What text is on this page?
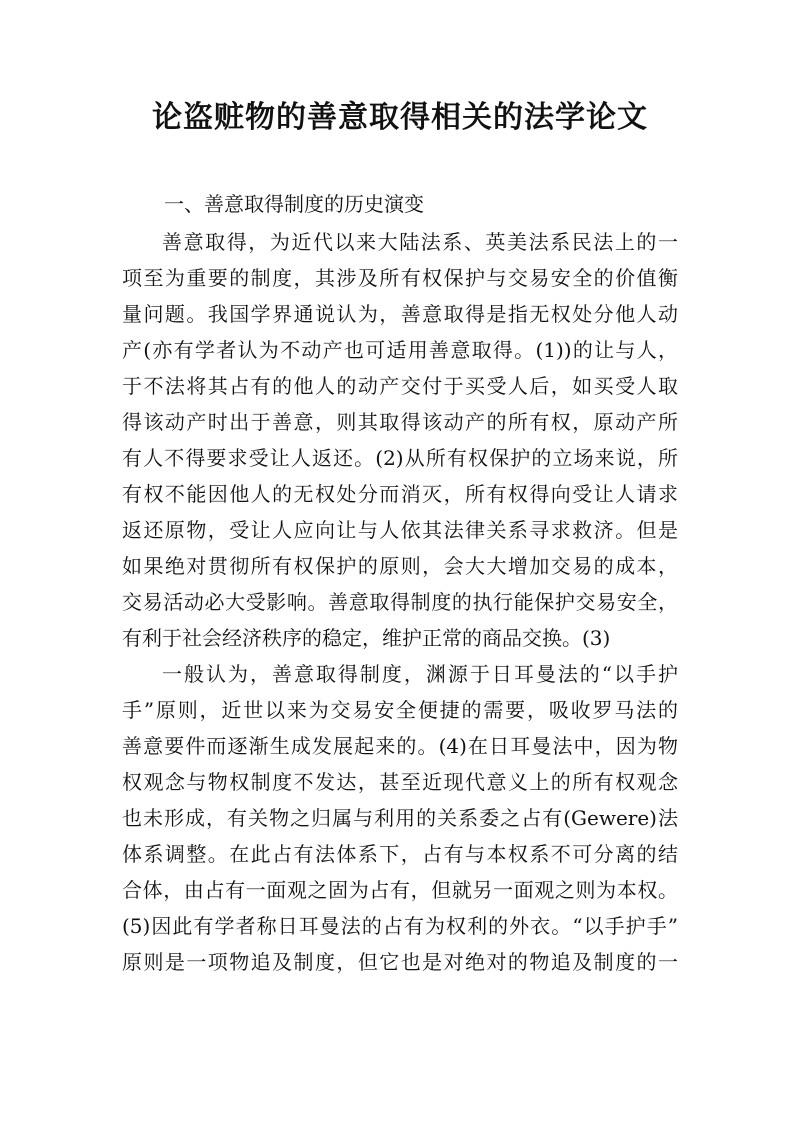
论盗赃物的善意取得相关的法学论文
一、善意取得制度的历史演变

善意取得，为近代以来大陆法系、英美法系民法上的一
项至为重要的制度，其涉及所有权保护与交易安全的价值衡
量问题。我国学界通说认为，善意取得是指无权处分他人动
产(亦有学者认为不动产也可适用善意取得。(1))的让与人，
于不法将其占有的他人的动产交付于买受人后，如买受人取
得该动产时出于善意，则其取得该动产的所有权，原动产所
有人不得要求受让人返还。(2)从所有权保护的立场来说，所
有权不能因他人的无权处分而消灭，所有权得向受让人请求
返还原物，受让人应向让与人依其法律关系寻求救济。但是
如果绝对贯彻所有权保护的原则，会大大增加交易的成本，
交易活动必大受影响。善意取得制度的执行能保护交易安全，
有利于社会经济秩序的稳定，维护正常的商品交换。(3)

一般认为，善意取得制度，渊源于日耳曼法的“以手护
手”原则，近世以来为交易安全便捷的需要，吸收罗马法的
善意要件而逐渐生成发展起来的。(4)在日耳曼法中，因为物
权观念与物权制度不发达，甚至近现代意义上的所有权观念
也未形成，有关物之归属与利用的关系委之占有(Gewere)法
体系调整。在此占有法体系下，占有与本权系不可分离的结
合体，由占有一面观之固为占有，但就另一面观之则为本权。
(5)因此有学者称日耳曼法的占有为权利的外衣。“以手护手”
原则是一项物追及制度，但它也是对绝对的物追及制度的一
